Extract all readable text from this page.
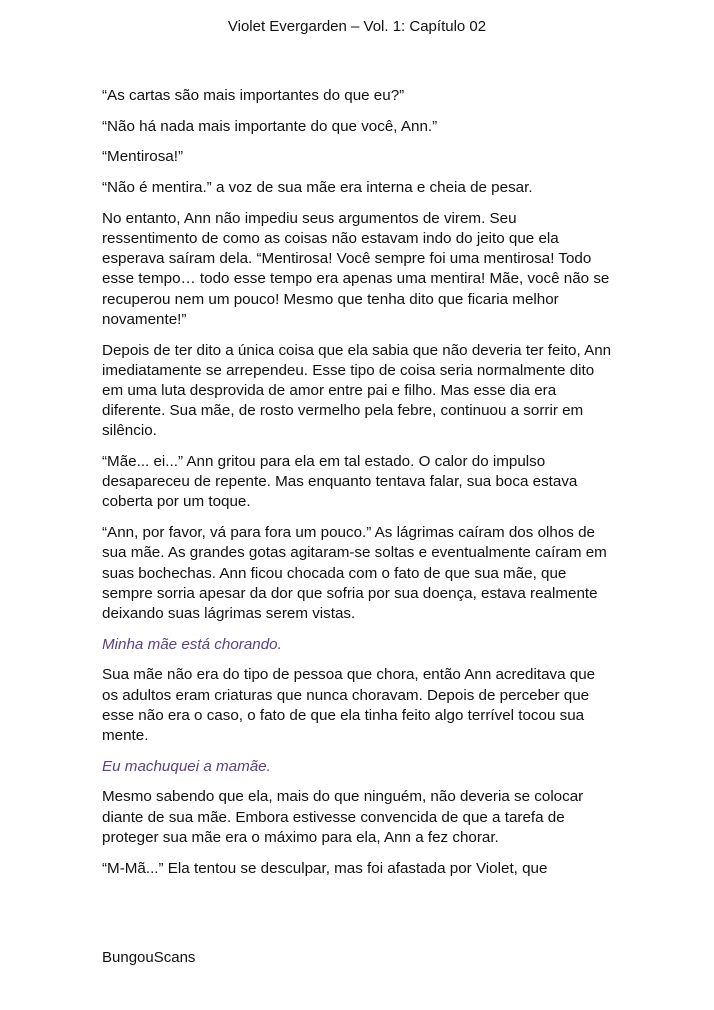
Violet Evergarden – Vol. 1: Capítulo 02

“As cartas são mais importantes do que eu?”

“Não há nada mais importante do que você, Ann.”

“Mentirosa!”

“Não é mentira.” a voz de sua mãe era interna e cheia de pesar.

No entanto, Ann não impediu seus argumentos de virem. Seu ressentimento de como as coisas não estavam indo do jeito que ela esperava saíram dela. “Mentirosa! Você sempre foi uma mentirosa! Todo esse tempo… todo esse tempo era apenas uma mentira! Mãe, você não se recuperou nem um pouco! Mesmo que tenha dito que ficaria melhor novamente!”

Depois de ter dito a única coisa que ela sabia que não deveria ter feito, Ann imediatamente se arrependeu. Esse tipo de coisa seria normalmente dito em uma luta desprovida de amor entre pai e filho. Mas esse dia era diferente. Sua mãe, de rosto vermelho pela febre, continuou a sorrir em silêncio.

“Mãe... ei...” Ann gritou para ela em tal estado. O calor do impulso desapareceu de repente. Mas enquanto tentava falar, sua boca estava coberta por um toque.

“Ann, por favor, vá para fora um pouco.” As lágrimas caíram dos olhos de sua mãe. As grandes gotas agitaram-se soltas e eventualmente caíram em suas bochechas. Ann ficou chocada com o fato de que sua mãe, que sempre sorria apesar da dor que sofria por sua doença, estava realmente deixando suas lágrimas serem vistas.

Minha mãe está chorando.

Sua mãe não era do tipo de pessoa que chora, então Ann acreditava que os adultos eram criaturas que nunca choravam. Depois de perceber que esse não era o caso, o fato de que ela tinha feito algo terrível tocou sua mente.

Eu machuquei a mamãe.

Mesmo sabendo que ela, mais do que ninguém, não deveria se colocar diante de sua mãe. Embora estivesse convencida de que a tarefa de proteger sua mãe era o máximo para ela, Ann a fez chorar.

“M-Mã...” Ela tentou se desculpar, mas foi afastada por Violet, que

BungouScans
